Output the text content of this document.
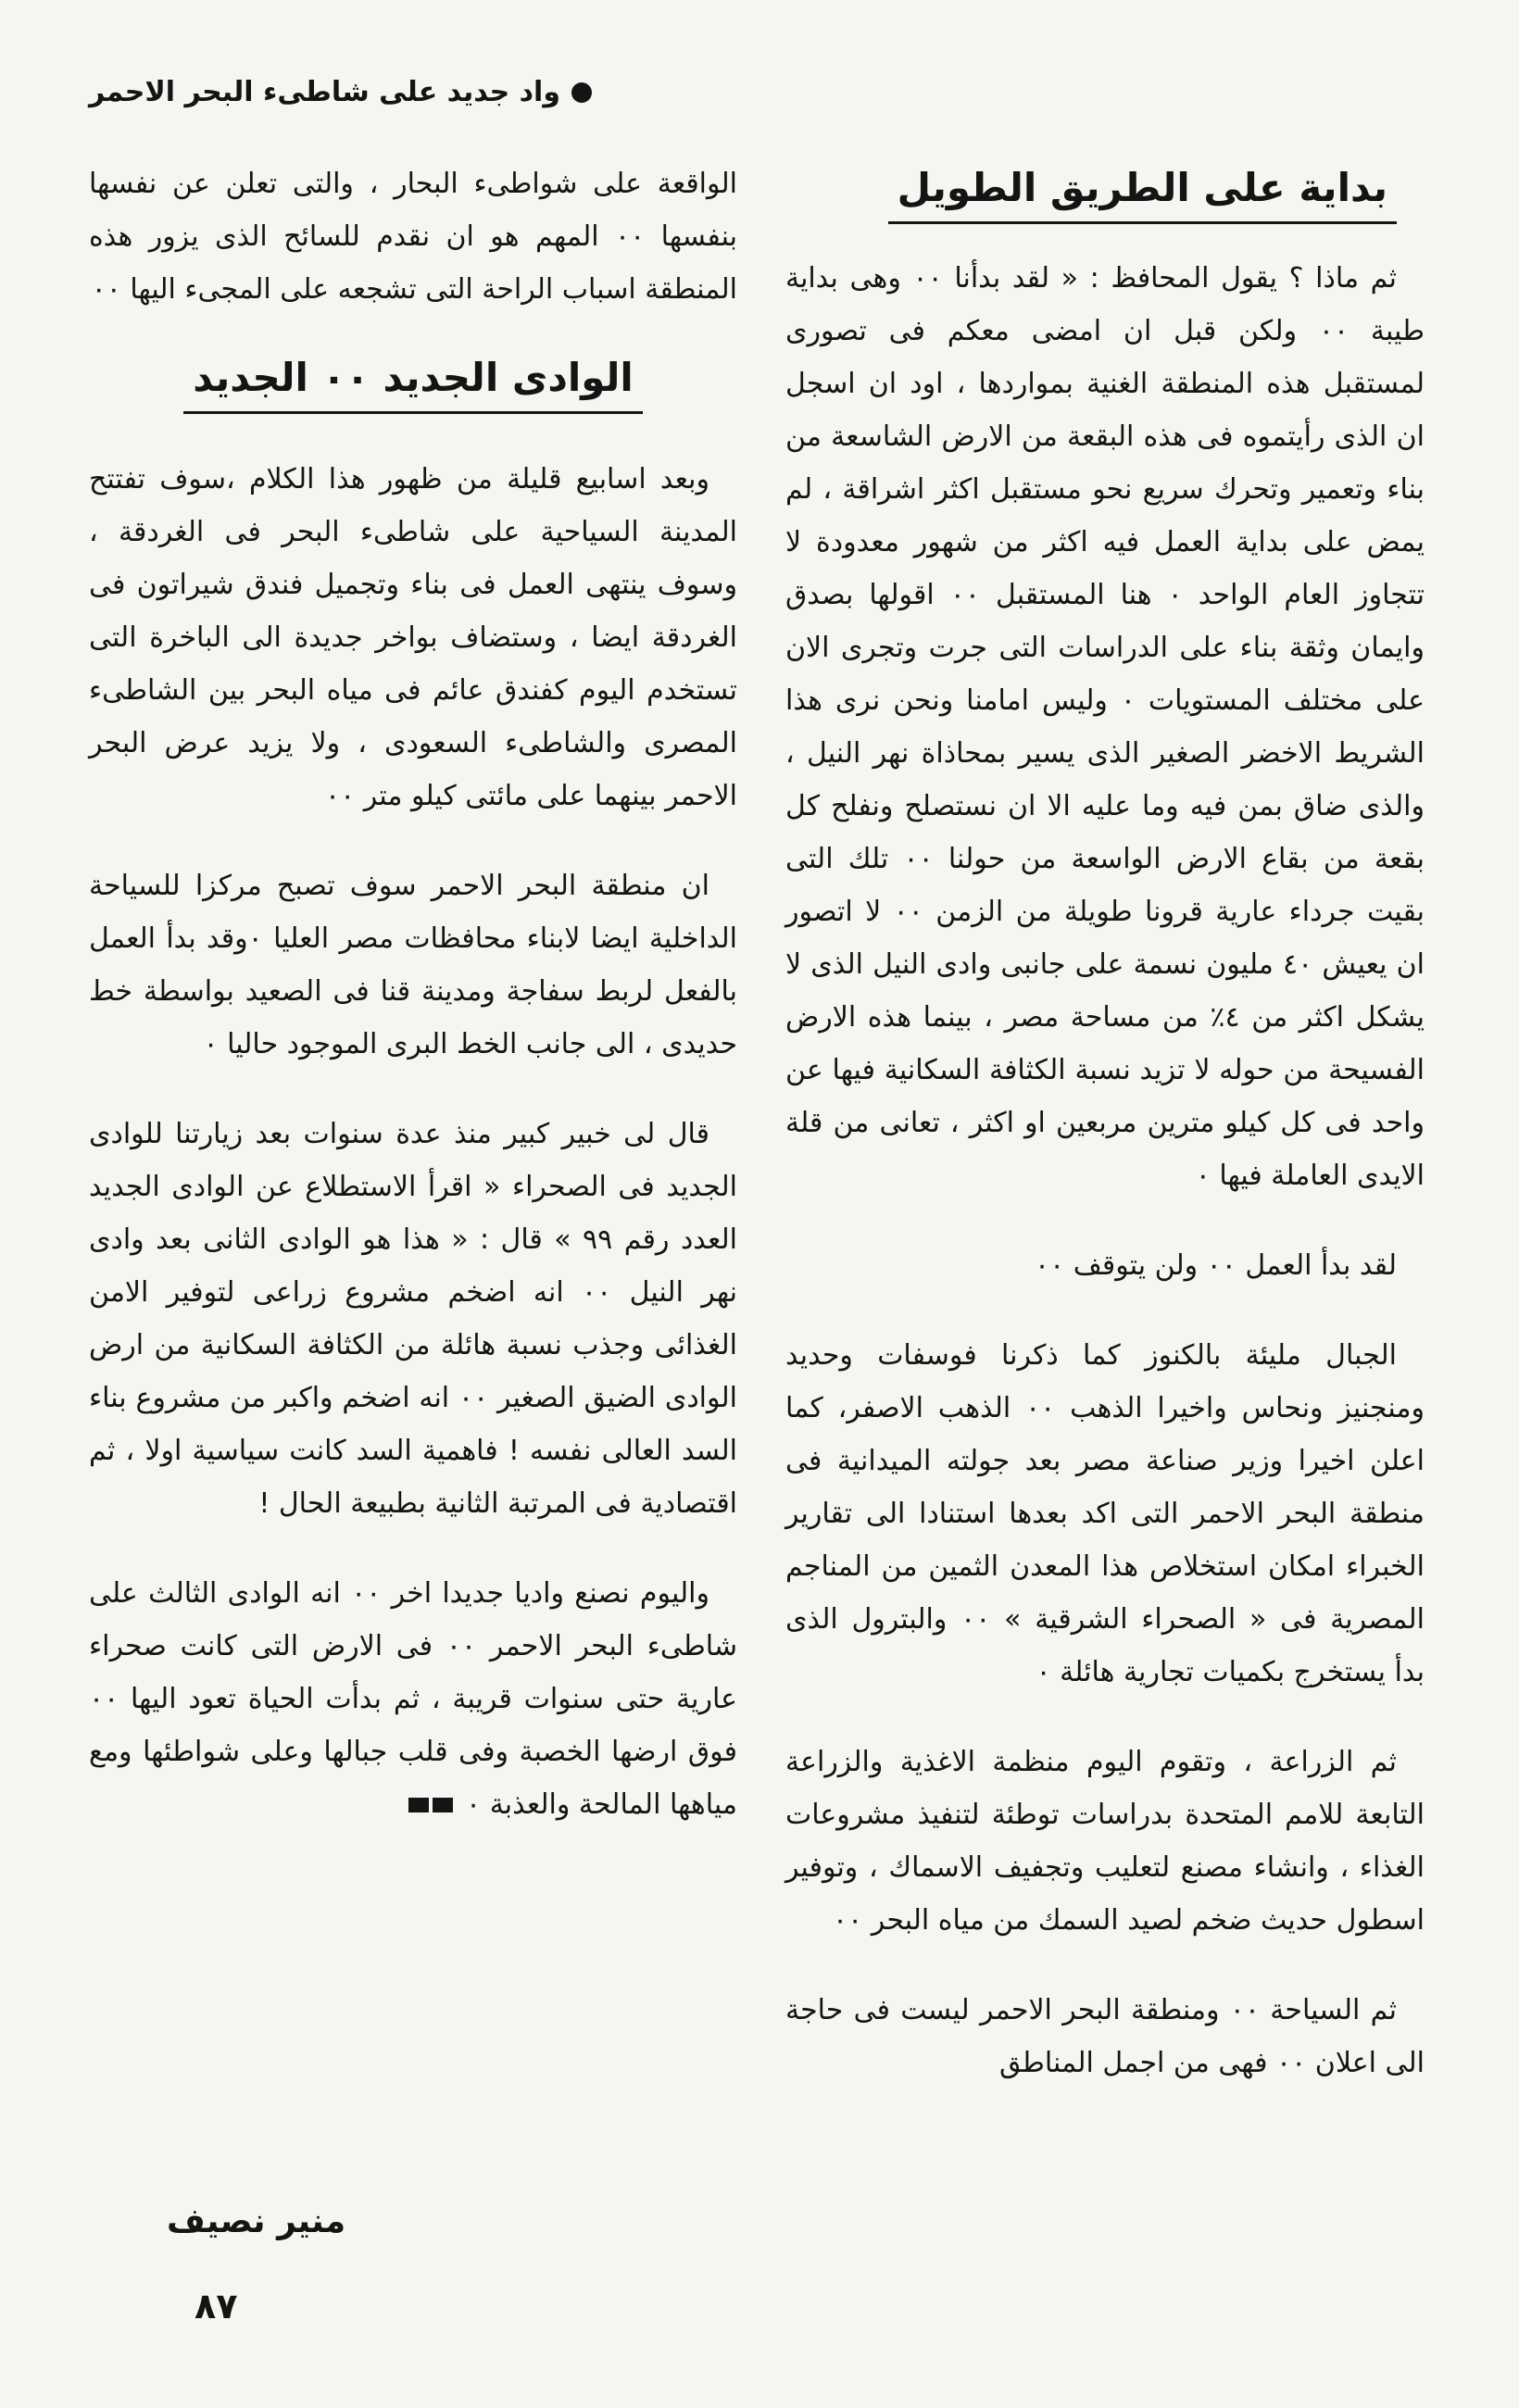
واد جديد على شاطىء البحر الاحمر
بداية على الطريق الطويل

ثم ماذا ؟ يقول المحافظ : « لقد بدأنا ٠٠ وهى بداية طيبة ٠٠ ولكن قبل ان امضى معكم فى تصورى لمستقبل هذه المنطقة الغنية بمواردها ، اود ان اسجل ان الذى رأيتموه فى هذه البقعة من الارض الشاسعة من بناء وتعمير وتحرك سريع نحو مستقبل اكثر اشراقة ، لم يمض على بداية العمل فيه اكثر من شهور معدودة لا تتجاوز العام الواحد ٠ هنا المستقبل ٠٠ اقولها بصدق وايمان وثقة بناء على الدراسات التى جرت وتجرى الان على مختلف المستويات ٠ وليس امامنا ونحن نرى هذا الشريط الاخضر الصغير الذى يسير بمحاذاة نهر النيل ، والذى ضاق بمن فيه وما عليه الا ان نستصلح ونفلح كل بقعة من بقاع الارض الواسعة من حولنا ٠٠ تلك التى بقيت جرداء عارية قرونا طويلة من الزمن ٠٠ لا اتصور ان يعيش ٤٠ مليون نسمة على جانبى وادى النيل الذى لا يشكل اكثر من ٤٪ من مساحة مصر ، بينما هذه الارض الفسيحة من حوله لا تزيد نسبة الكثافة السكانية فيها عن واحد فى كل كيلو مترين مربعين او اكثر ، تعانى من قلة الايدى العاملة فيها ٠

لقد بدأ العمل ٠٠ ولن يتوقف ٠٠

الجبال مليئة بالكنوز كما ذكرنا فوسفات وحديد ومنجنيز ونحاس واخيرا الذهب ٠٠ الذهب الاصفر، كما اعلن اخيرا وزير صناعة مصر بعد جولته الميدانية فى منطقة البحر الاحمر التى اكد بعدها استنادا الى تقارير الخبراء امكان استخلاص هذا المعدن الثمين من المناجم المصرية فى « الصحراء الشرقية » ٠٠ والبترول الذى بدأ يستخرج بكميات تجارية هائلة ٠

ثم الزراعة ، وتقوم اليوم منظمة الاغذية والزراعة التابعة للامم المتحدة بدراسات توطئة لتنفيذ مشروعات الغذاء ، وانشاء مصنع لتعليب وتجفيف الاسماك ، وتوفير اسطول حديث ضخم لصيد السمك من مياه البحر ٠٠

ثم السياحة ٠٠ ومنطقة البحر الاحمر ليست فى حاجة الى اعلان ٠٠ فهى من اجمل المناطق

الواقعة على شواطىء البحار ، والتى تعلن عن نفسها بنفسها ٠٠ المهم هو ان نقدم للسائح الذى يزور هذه المنطقة اسباب الراحة التى تشجعه على المجىء اليها ٠٠

الوادى الجديد ٠٠ الجديد

وبعد اسابيع قليلة من ظهور هذا الكلام ،سوف تفتتح المدينة السياحية على شاطىء البحر فى الغردقة ، وسوف ينتهى العمل فى بناء وتجميل فندق شيراتون فى الغردقة ايضا ، وستضاف بواخر جديدة الى الباخرة التى تستخدم اليوم كفندق عائم فى مياه البحر بين الشاطىء المصرى والشاطىء السعودى ، ولا يزيد عرض البحر الاحمر بينهما على مائتى كيلو متر ٠٠

ان منطقة البحر الاحمر سوف تصبح مركزا للسياحة الداخلية ايضا لابناء محافظات مصر العليا ٠وقد بدأ العمل بالفعل لربط سفاجة ومدينة قنا فى الصعيد بواسطة خط حديدى ، الى جانب الخط البرى الموجود حاليا ٠

قال لى خبير كبير منذ عدة سنوات بعد زيارتنا للوادى الجديد فى الصحراء « اقرأ الاستطلاع عن الوادى الجديد العدد رقم ٩٩ » قال : « هذا هو الوادى الثانى بعد وادى نهر النيل ٠٠ انه اضخم مشروع زراعى لتوفير الامن الغذائى وجذب نسبة هائلة من الكثافة السكانية من ارض الوادى الضيق الصغير ٠٠ انه اضخم واكبر من مشروع بناء السد العالى نفسه ! فاهمية السد كانت سياسية اولا ، ثم اقتصادية فى المرتبة الثانية بطبيعة الحال !

واليوم نصنع واديا جديدا اخر ٠٠ انه الوادى الثالث على شاطىء البحر الاحمر ٠٠ فى الارض التى كانت صحراء عارية حتى سنوات قريبة ، ثم بدأت الحياة تعود اليها ٠٠ فوق ارضها الخصبة وفى قلب جبالها وعلى شواطئها ومع مياهها المالحة والعذبة ٠

منير نصيف
٨٧
